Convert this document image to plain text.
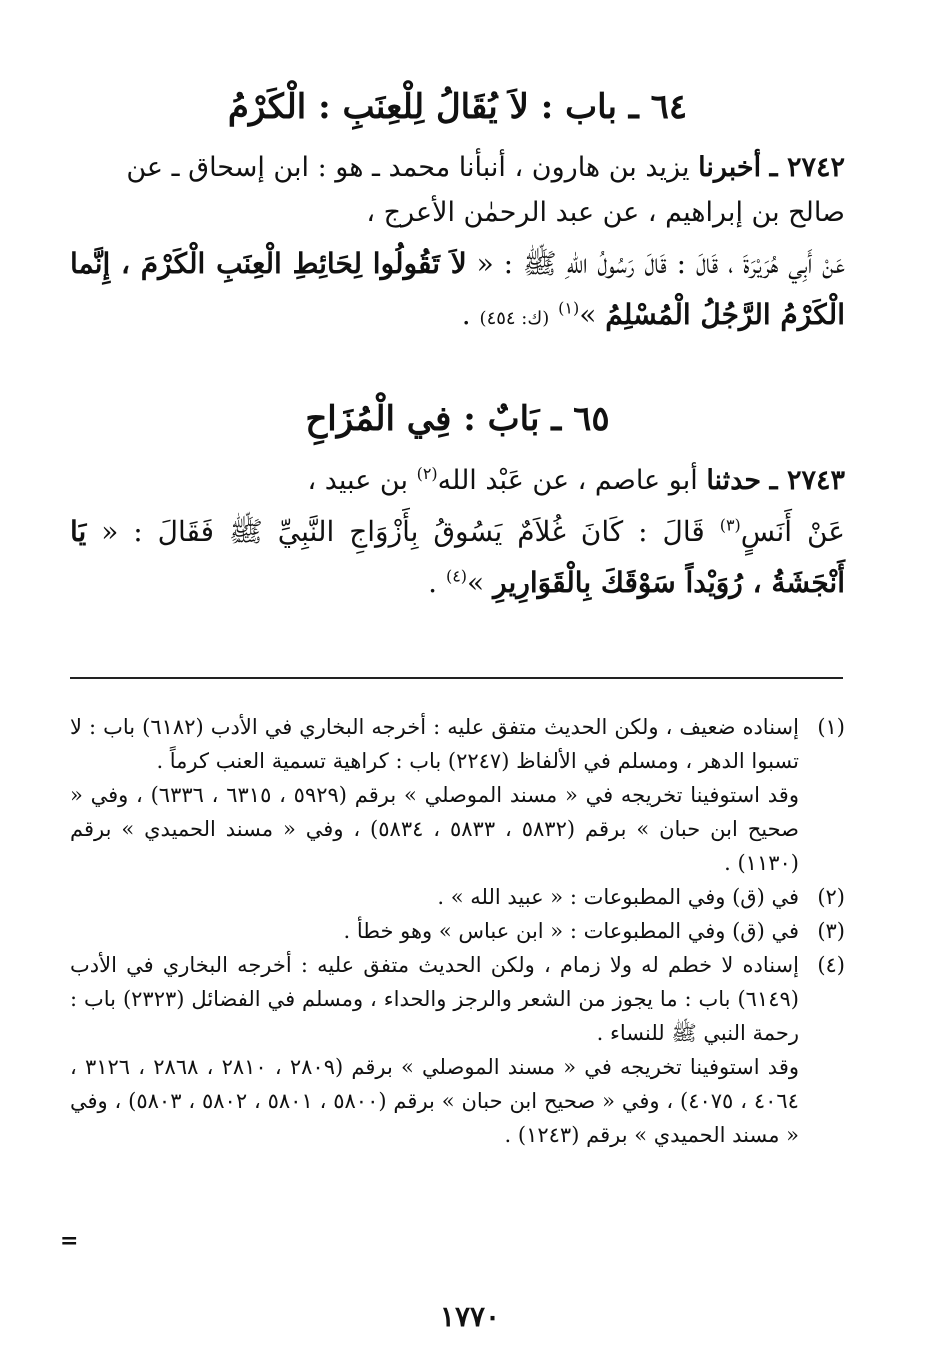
٦٤ ـ باب : لاَ يُقَالُ لِلْعِنَبِ : الْكَرْمُ
٢٧٤٢ ـ أخبرنا يزيد بن هارون ، أنبأنا محمد ـ هو : ابن إسحاق ـ عن صالح بن إبراهيم ، عن عبد الرحمٰن الأعرج ،
عَنْ أَبِي هُرَيْرَةَ ، قَالَ : قَالَ رَسُولُ اللهِ ﷺ : « لاَ تَقُولُوا لِحَائِطِ الْعِنَبِ الْكَرْمَ ، إِنَّما الْكَرْمُ الرَّجُلُ الْمُسْلِمُ »$^{(١)}$ (ك: ٤٥٤) .
٦٥ ـ بَابٌ : فِي الْمُزَاحِ
٢٧٤٣ ـ حدثنا أبو عاصم ، عن عَبْد الله$^{(٢)}$ بن عبيد ،
عَنْ أَنَسٍ$^{(٣)}$ قَالَ : كَانَ غُلاَمٌ يَسُوقُ بِأَزْوَاجِ النَّبِيِّ ﷺ فَقَالَ : « يَا أَنْجَشَةُ ، رُوَيْداً سَوْقَكَ بِالْقَوَارِيرِ »$^{(٤)}$ .
(١)

إسناده ضعيف ، ولكن الحديث متفق عليه : أخرجه البخاري في الأدب (٦١٨٢) باب : لا تسبوا الدهر ، ومسلم في الألفاظ (٢٢٤٧) باب : كراهية تسمية العنب كرماً .

وقد استوفينا تخريجه في « مسند الموصلي » برقم (٥٩٢٩ ، ٦٣١٥ ، ٦٣٣٦) ، وفي « صحيح ابن حبان » برقم (٥٨٣٢ ، ٥٨٣٣ ، ٥٨٣٤) ، وفي « مسند الحميدي » برقم (١١٣٠) .

(٢)

في (ق) وفي المطبوعات : « عبيد الله » .

(٣)

في (ق) وفي المطبوعات : « ابن عباس » وهو خطأ .

(٤)

إسناده لا خطم له ولا زمام ، ولكن الحديث متفق عليه : أخرجه البخاري في الأدب (٦١٤٩) باب : ما يجوز من الشعر والرجز والحداء ، ومسلم في الفضائل (٢٣٢٣) باب : رحمة النبي ﷺ للنساء .

وقد استوفينا تخريجه في « مسند الموصلي » برقم (٢٨٠٩ ، ٢٨١٠ ، ٢٨٦٨ ، ٣١٢٦ ، ٤٠٦٤ ، ٤٠٧٥) ، وفي « صحيح ابن حبان » برقم (٥٨٠٠ ، ٥٨٠١ ، ٥٨٠٢ ، ٥٨٠٣) ، وفي « مسند الحميدي » برقم (١٢٤٣) .

=
١٧٧٠
